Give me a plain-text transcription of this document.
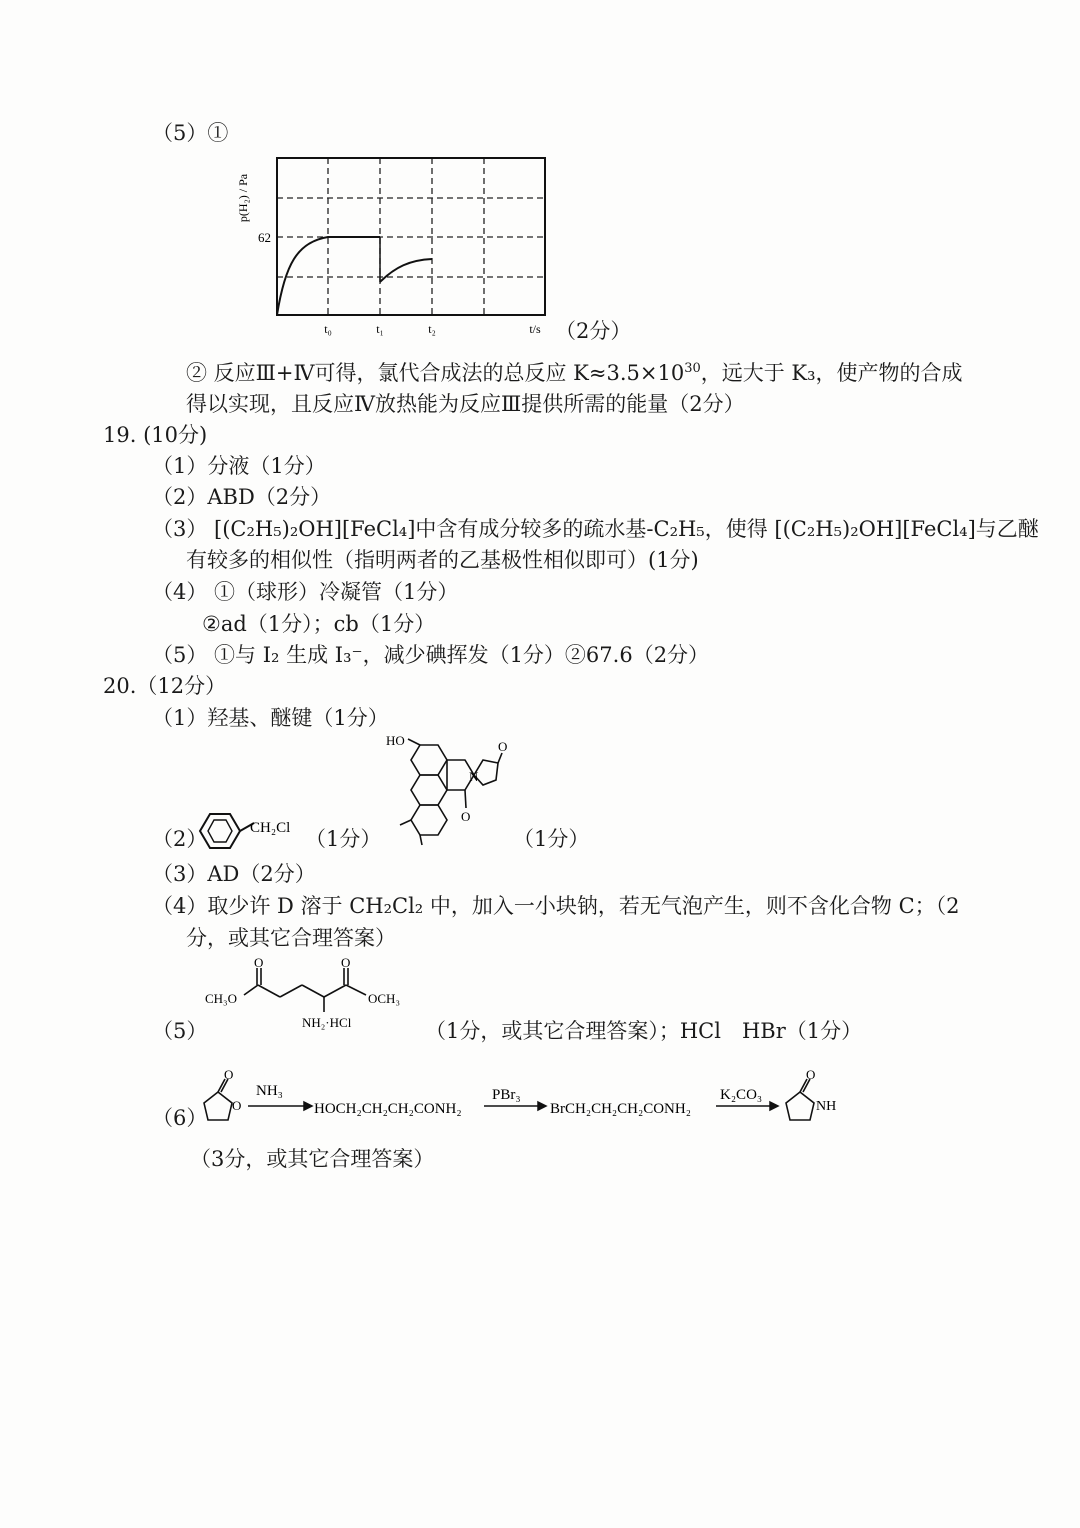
（5）①
p(H₂) / Pa
62
t₀	t₁	t₂	t/s （2分）
② 反应Ⅲ+Ⅳ可得，氯代合成法的总反应 $K\approx 3.5\times 10^{30}$，远大于 K₃，使产物的合成
得以实现，且反应Ⅳ放热能为反应Ⅲ提供所需的能量（2分）
19. (10分)
（1）分液（1分）
（2）ABD（2分）
（3） [(C₂H₅)₂OH][FeCl₄]中含有成分较多的疏水基-C₂H₅，使得 [(C₂H₅)₂OH][FeCl₄]与乙醚
有较多的相似性（指明两者的乙基极性相似即可）(1分)
（4） ①（球形）冷凝管（1分）
②ad（1分）；cb（1分）
（5） ①与 I₂ 生成 I₃⁻，减少碘挥发（1分）②67.6（2分）
20.（12分）
（1）羟基、醚键（1分）
（2）	CH₂Cl （1分）
HO
N
O
O
（1分）
（3）AD（2分）
（4）取少许 D 溶于 CH₂Cl₂ 中，加入一小块钠，若无气泡产生，则不含化合物 C；（2
分，或其它合理答案）
（5）
O	O
CH₃O	OCH₃
NH₂·HCl	（1分，或其它合理答案）；HCl　HBr（1分）
（6）
O
O
NH₃
HOCH₂CH₂CH₂CONH₂
PBr₃
BrCH₂CH₂CH₂CONH₂
K₂CO₃
O
NH
（3分，或其它合理答案）
